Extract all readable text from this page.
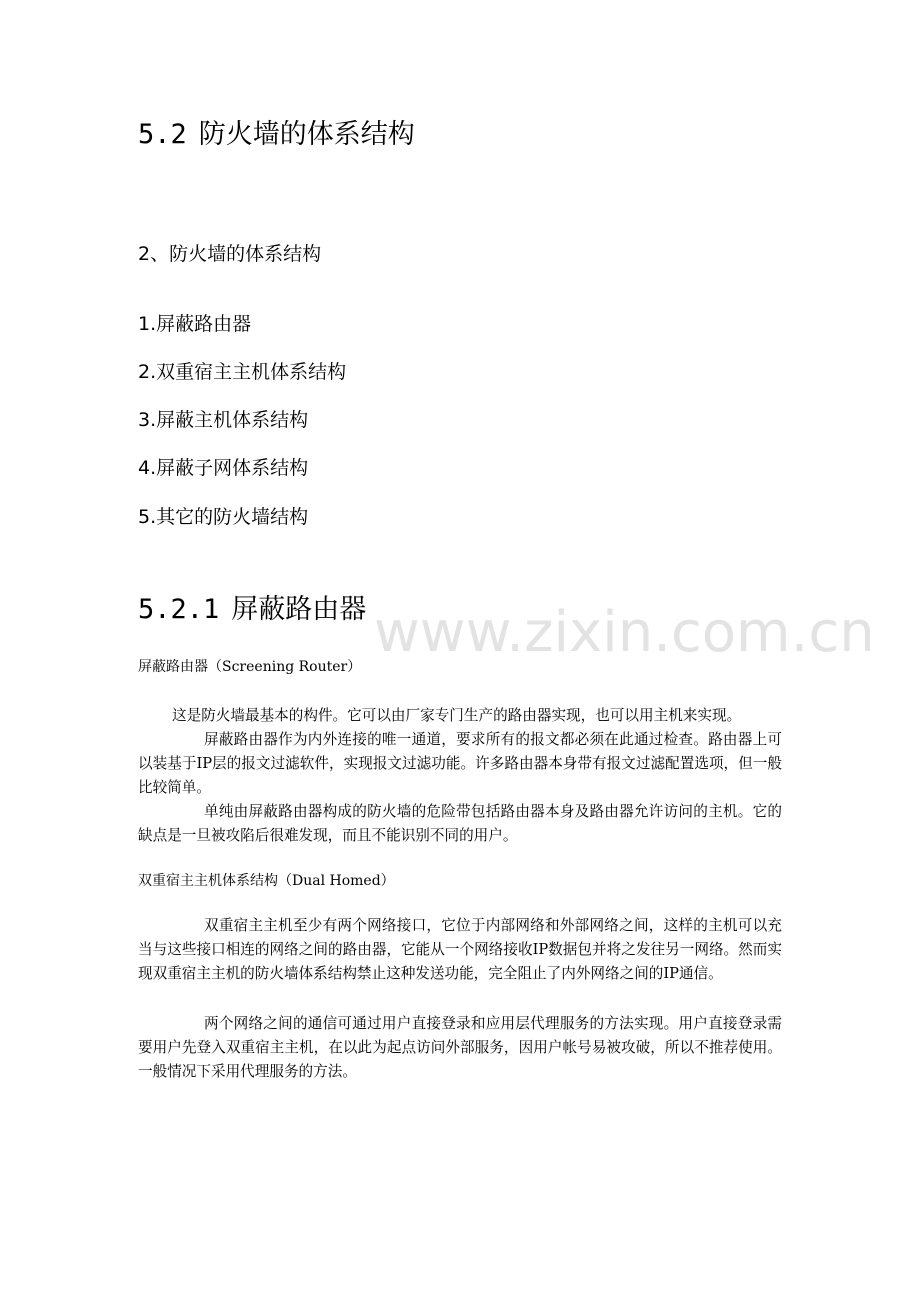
www.zixin.com.cn
5.2 防火墙的体系结构
2、防火墙的体系结构
1.屏蔽路由器
2.双重宿主主机体系结构
3.屏蔽主机体系结构
4.屏蔽子网体系结构
5.其它的防火墙结构
5.2.1 屏蔽路由器
屏蔽路由器（Screening Router）
这是防火墙最基本的构件。它可以由厂家专门生产的路由器实现，也可以用主机来实现。
屏蔽路由器作为内外连接的唯一通道，要求所有的报文都必须在此通过检查。路由器上可以装基于IP层的报文过滤软件，实现报文过滤功能。许多路由器本身带有报文过滤配置选项，但一般比较简单。
单纯由屏蔽路由器构成的防火墙的危险带包括路由器本身及路由器允许访问的主机。它的缺点是一旦被攻陷后很难发现，而且不能识别不同的用户。
双重宿主主机体系结构（Dual Homed）
双重宿主主机至少有两个网络接口，它位于内部网络和外部网络之间，这样的主机可以充当与这些接口相连的网络之间的路由器，它能从一个网络接收IP数据包并将之发往另一网络。然而实现双重宿主主机的防火墙体系结构禁止这种发送功能，完全阻止了内外网络之间的IP通信。
两个网络之间的通信可通过用户直接登录和应用层代理服务的方法实现。用户直接登录需要用户先登入双重宿主主机，在以此为起点访问外部服务，因用户帐号易被攻破，所以不推荐使用。一般情况下采用代理服务的方法。
